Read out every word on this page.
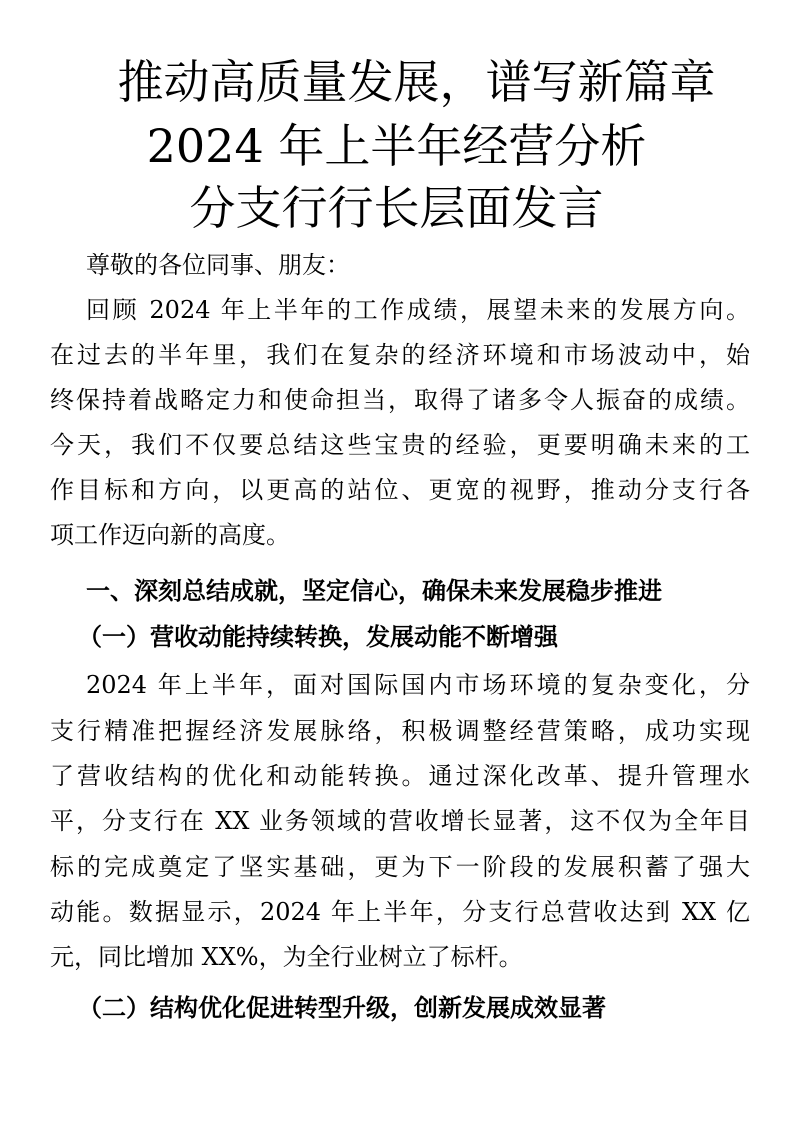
推动高质量发展，谱写新篇章
2024 年上半年经营分析
分支行行长层面发言
尊敬的各位同事、朋友：
回顾 2024 年上半年的工作成绩，展望未来的发展方向。
在过去的半年里，我们在复杂的经济环境和市场波动中，始
终保持着战略定力和使命担当，取得了诸多令人振奋的成绩。
今天，我们不仅要总结这些宝贵的经验，更要明确未来的工
作目标和方向，以更高的站位、更宽的视野，推动分支行各
项工作迈向新的高度。
一、深刻总结成就，坚定信心，确保未来发展稳步推进
（一）营收动能持续转换，发展动能不断增强
2024 年上半年，面对国际国内市场环境的复杂变化，分
支行精准把握经济发展脉络，积极调整经营策略，成功实现
了营收结构的优化和动能转换。通过深化改革、提升管理水
平，分支行在 XX 业务领域的营收增长显著，这不仅为全年目
标的完成奠定了坚实基础，更为下一阶段的发展积蓄了强大
动能。数据显示，2024 年上半年，分支行总营收达到 XX 亿
元，同比增加 XX%，为全行业树立了标杆。
（二）结构优化促进转型升级，创新发展成效显著
